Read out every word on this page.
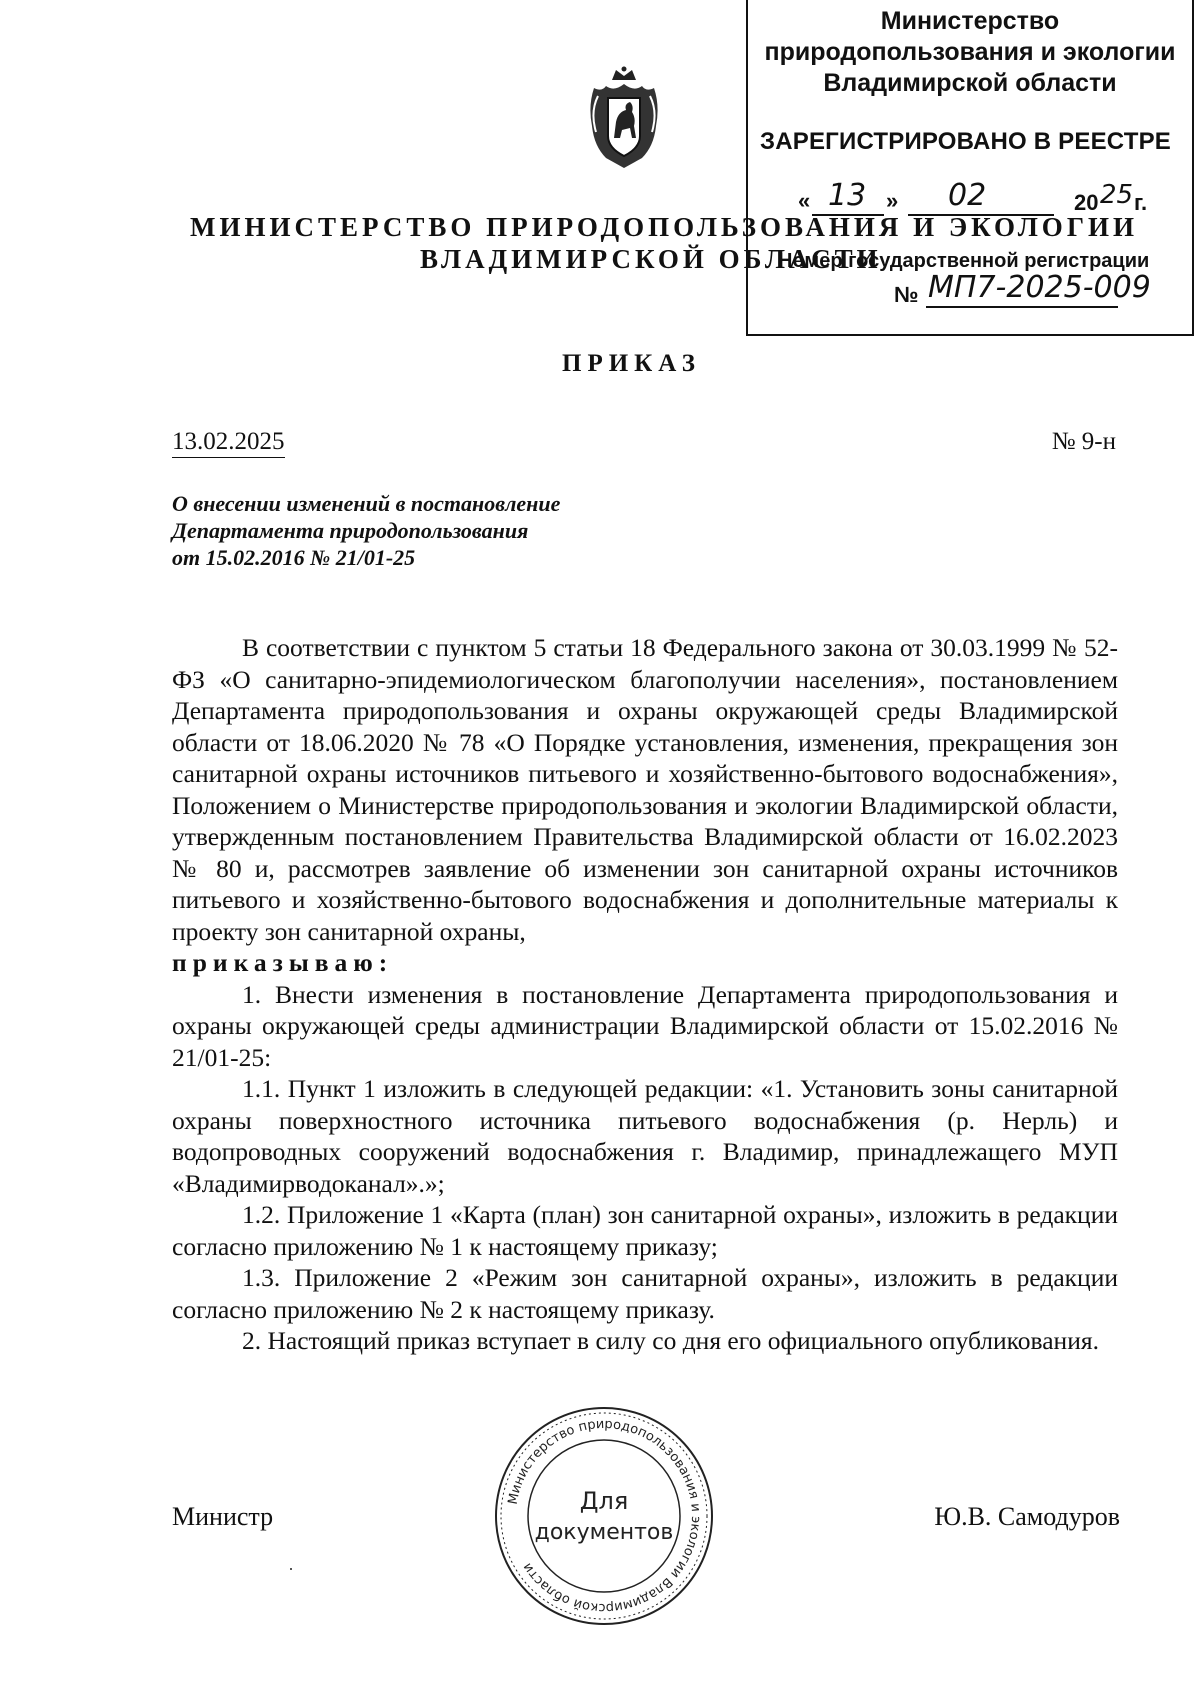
Министерство
природопользования и экологии
Владимирской области
ЗАРЕГИСТРИРОВАНО В РЕЕСТРЕ
« 13 » 02	20 25 г.
Номер государственной регистрации
№ МП7-2025-009
МИНИСТЕРСТВО ПРИРОДОПОЛЬЗОВАНИЯ И ЭКОЛОГИИ
ВЛАДИМИРСКОЙ ОБЛАСТИ
ПРИКАЗ
13.02.2025	№ 9-н
О внесении изменений в постановление
Департамента природопользования
от 15.02.2016 № 21/01-25

В соответствии с пунктом 5 статьи 18 Федерального закона от 30.03.1999 № 52-ФЗ «О санитарно-эпидемиологическом благополучии населения», постановлением Департамента природопользования и охраны окружающей среды Владимирской области от 18.06.2020 № 78 «О Порядке установления, изменения, прекращения зон санитарной охраны источников питьевого и хозяйственно-бытового водоснабжения», Положением о Министерстве природопользования и экологии Владимирской области, утвержденным постановлением Правительства Владимирской области от 16.02.2023 № 80 и, рассмотрев заявление об изменении зон санитарной охраны источников питьевого и хозяйственно-бытового водоснабжения и дополнительные материалы к проекту зон санитарной охраны,

приказываю:

1. Внести изменения в постановление Департамента природопользования и охраны окружающей среды администрации Владимирской области от 15.02.2016 № 21/01-25:

1.1. Пункт 1 изложить в следующей редакции: «1. Установить зоны санитарной охраны поверхностного источника питьевого водоснабжения (р. Нерль) и водопроводных сооружений водоснабжения г. Владимир, принадлежащего МУП «Владимирводоканал».»;

1.2. Приложение 1 «Карта (план) зон санитарной охраны», изложить в редакции согласно приложению № 1 к настоящему приказу;

1.3. Приложение 2 «Режим зон санитарной охраны», изложить в редакции согласно приложению № 2 к настоящему приказу.

2. Настоящий приказ вступает в силу со дня его официального опубликования.

Министр	Ю.В. Самодуров
Министерство природопользования и экологии Владимирской области
Для
документов
